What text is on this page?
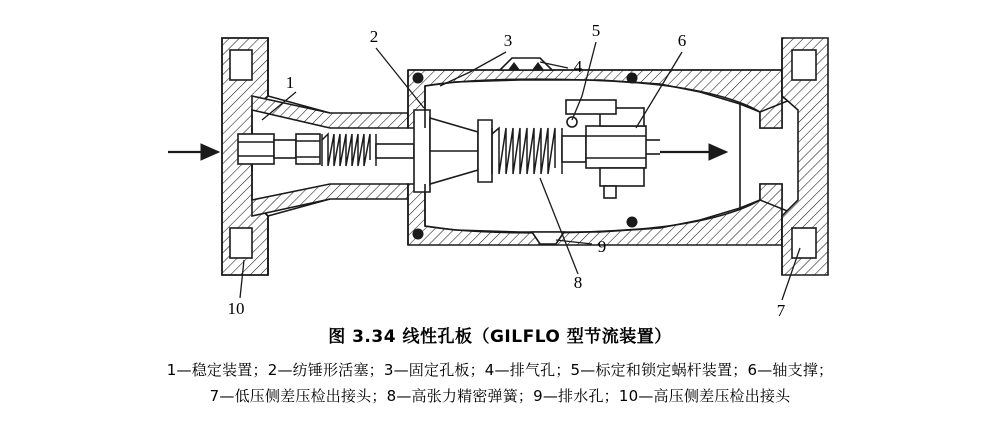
1
2	3
4
5
6
7
8
9
10
图 3.34 线性孔板（GILFLO 型节流装置）
1—稳定装置；2—纺锤形活塞；3—固定孔板；4—排气孔；5—标定和锁定蜗杆装置；6—轴支撑；
7—低压侧差压检出接头；8—高张力精密弹簧；9—排水孔；10—高压侧差压检出接头
